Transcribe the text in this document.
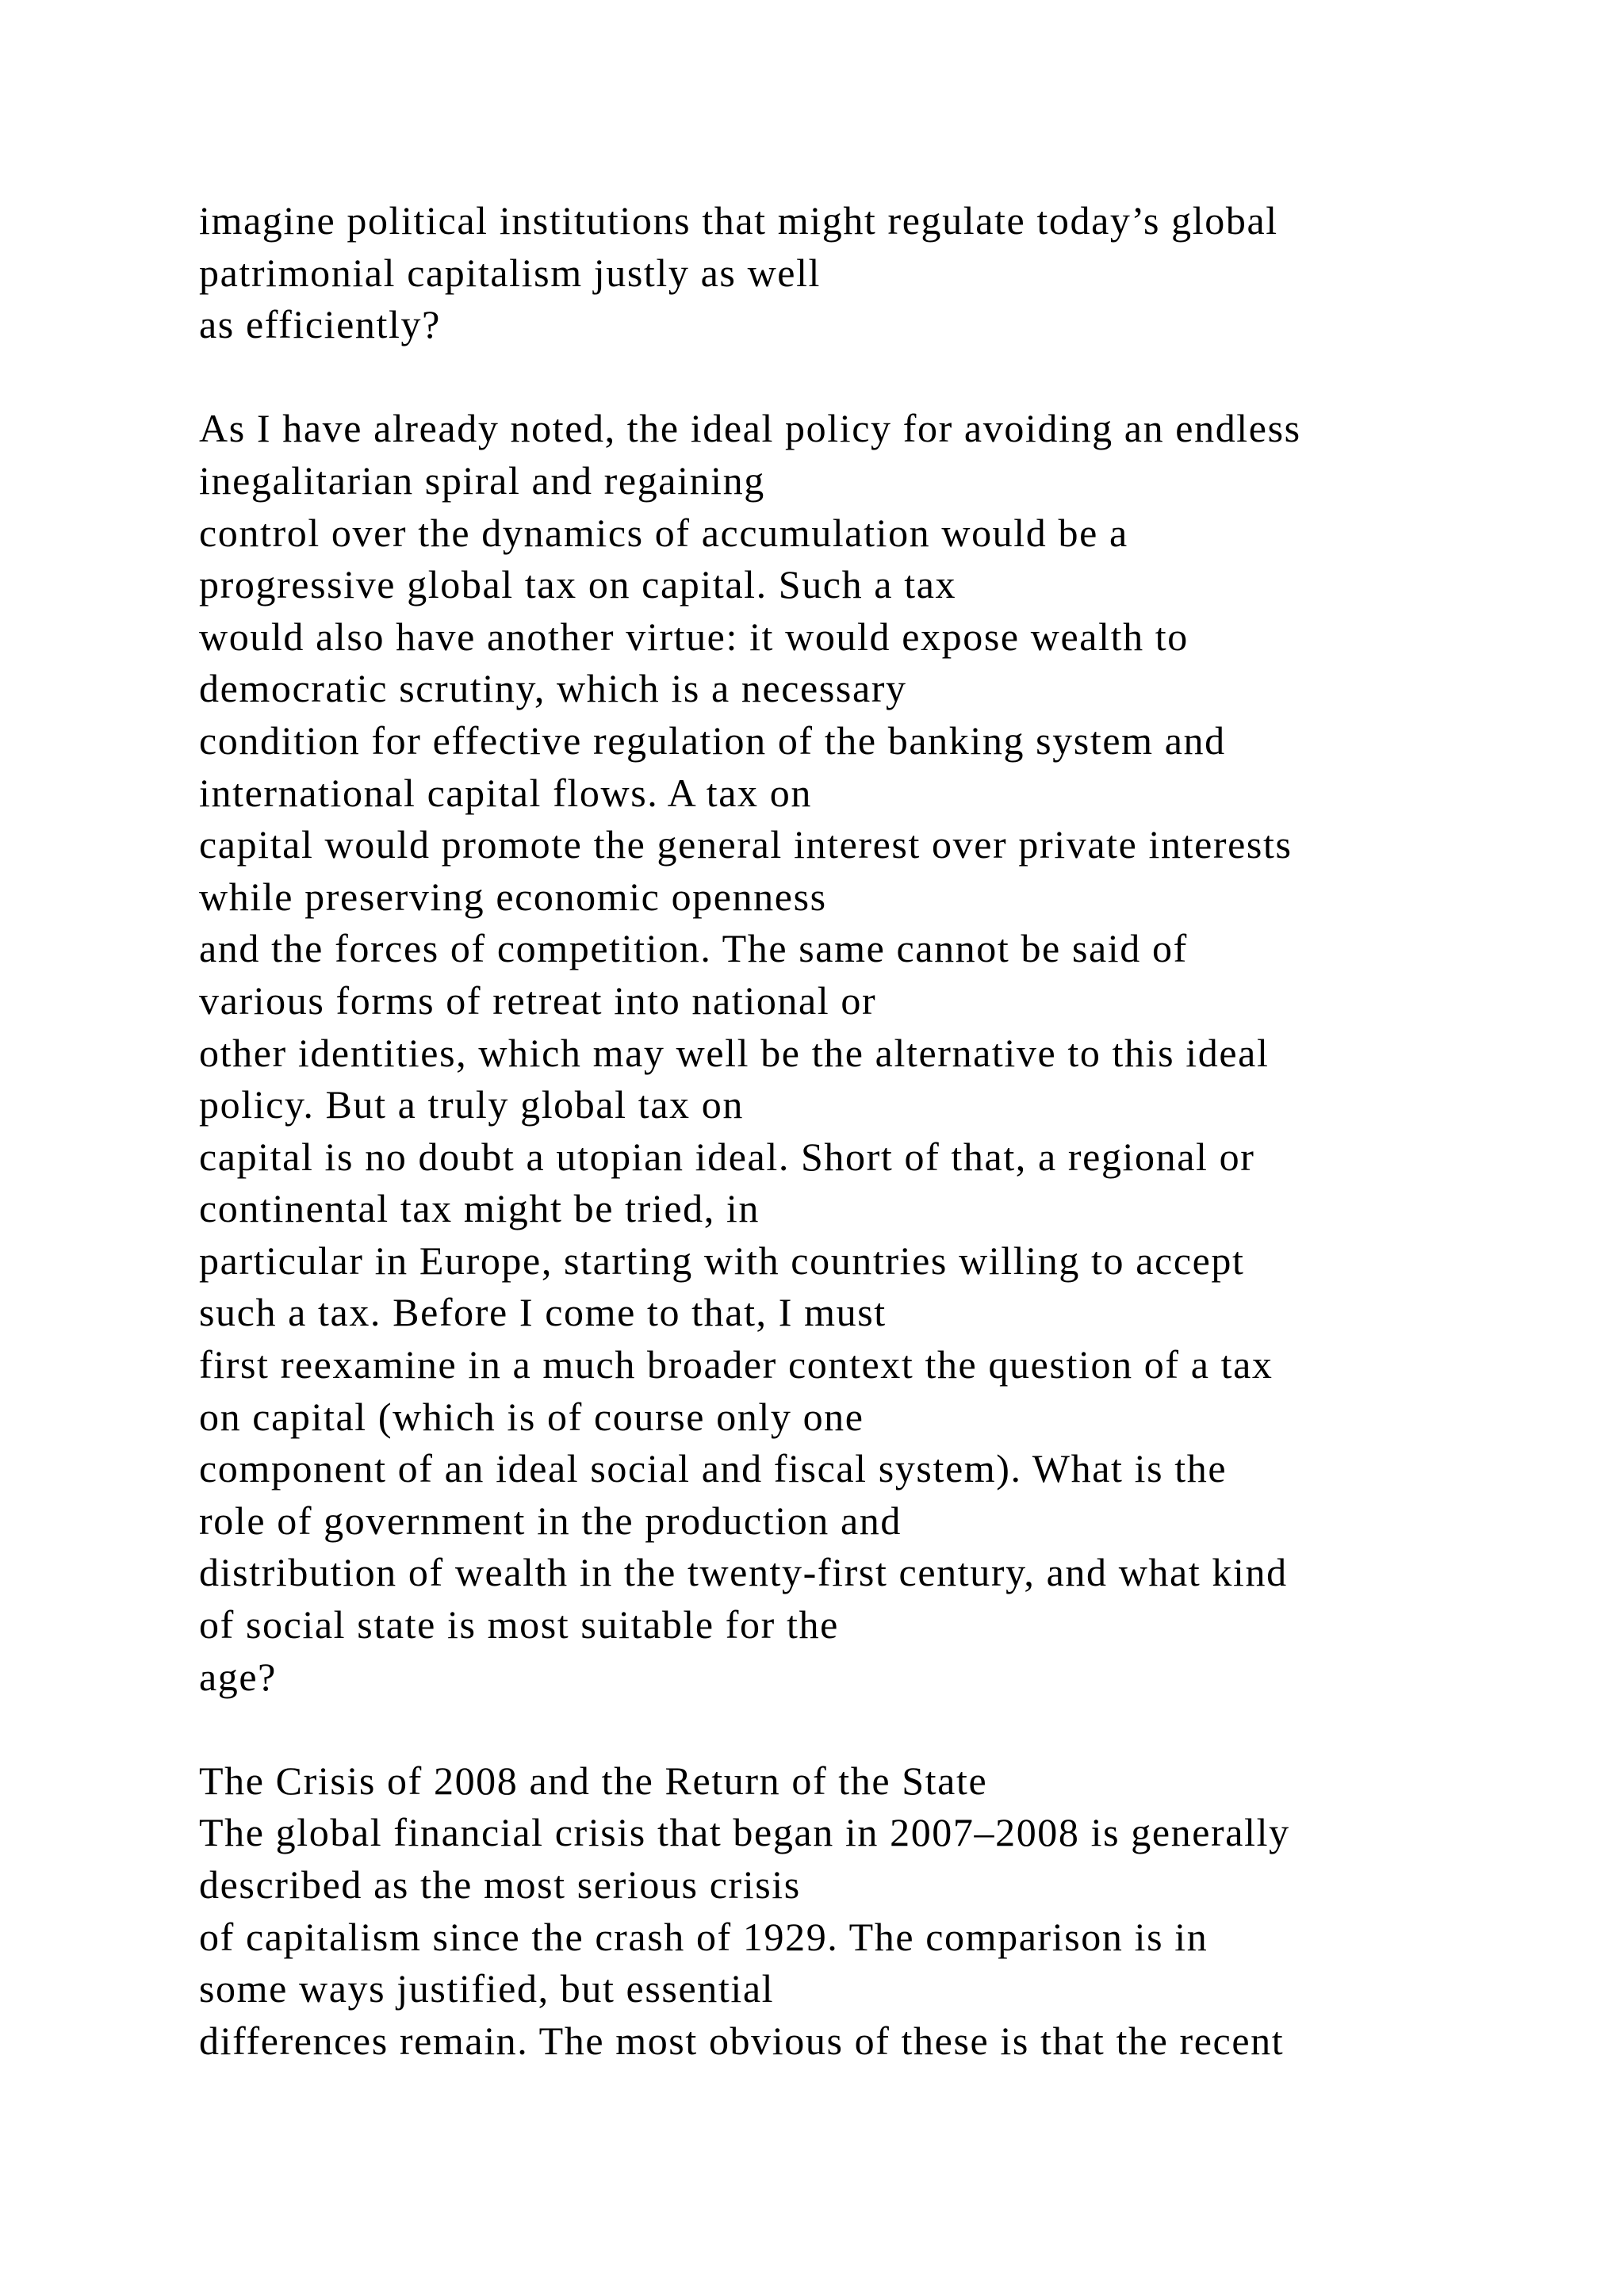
imagine political institutions that might regulate today’s global
patrimonial capitalism justly as well
as efficiently?
As I have already noted, the ideal policy for avoiding an endless
inegalitarian spiral and regaining
control over the dynamics of accumulation would be a
progressive global tax on capital. Such a tax
would also have another virtue: it would expose wealth to
democratic scrutiny, which is a necessary
condition for effective regulation of the banking system and
international capital flows. A tax on
capital would promote the general interest over private interests
while preserving economic openness
and the forces of competition. The same cannot be said of
various forms of retreat into national or
other identities, which may well be the alternative to this ideal
policy. But a truly global tax on
capital is no doubt a utopian ideal. Short of that, a regional or
continental tax might be tried, in
particular in Europe, starting with countries willing to accept
such a tax. Before I come to that, I must
first reexamine in a much broader context the question of a tax
on capital (which is of course only one
component of an ideal social and fiscal system). What is the
role of government in the production and
distribution of wealth in the twenty-first century, and what kind
of social state is most suitable for the
age?
The Crisis of 2008 and the Return of the State
The global financial crisis that began in 2007–2008 is generally
described as the most serious crisis
of capitalism since the crash of 1929. The comparison is in
some ways justified, but essential
differences remain. The most obvious of these is that the recent
